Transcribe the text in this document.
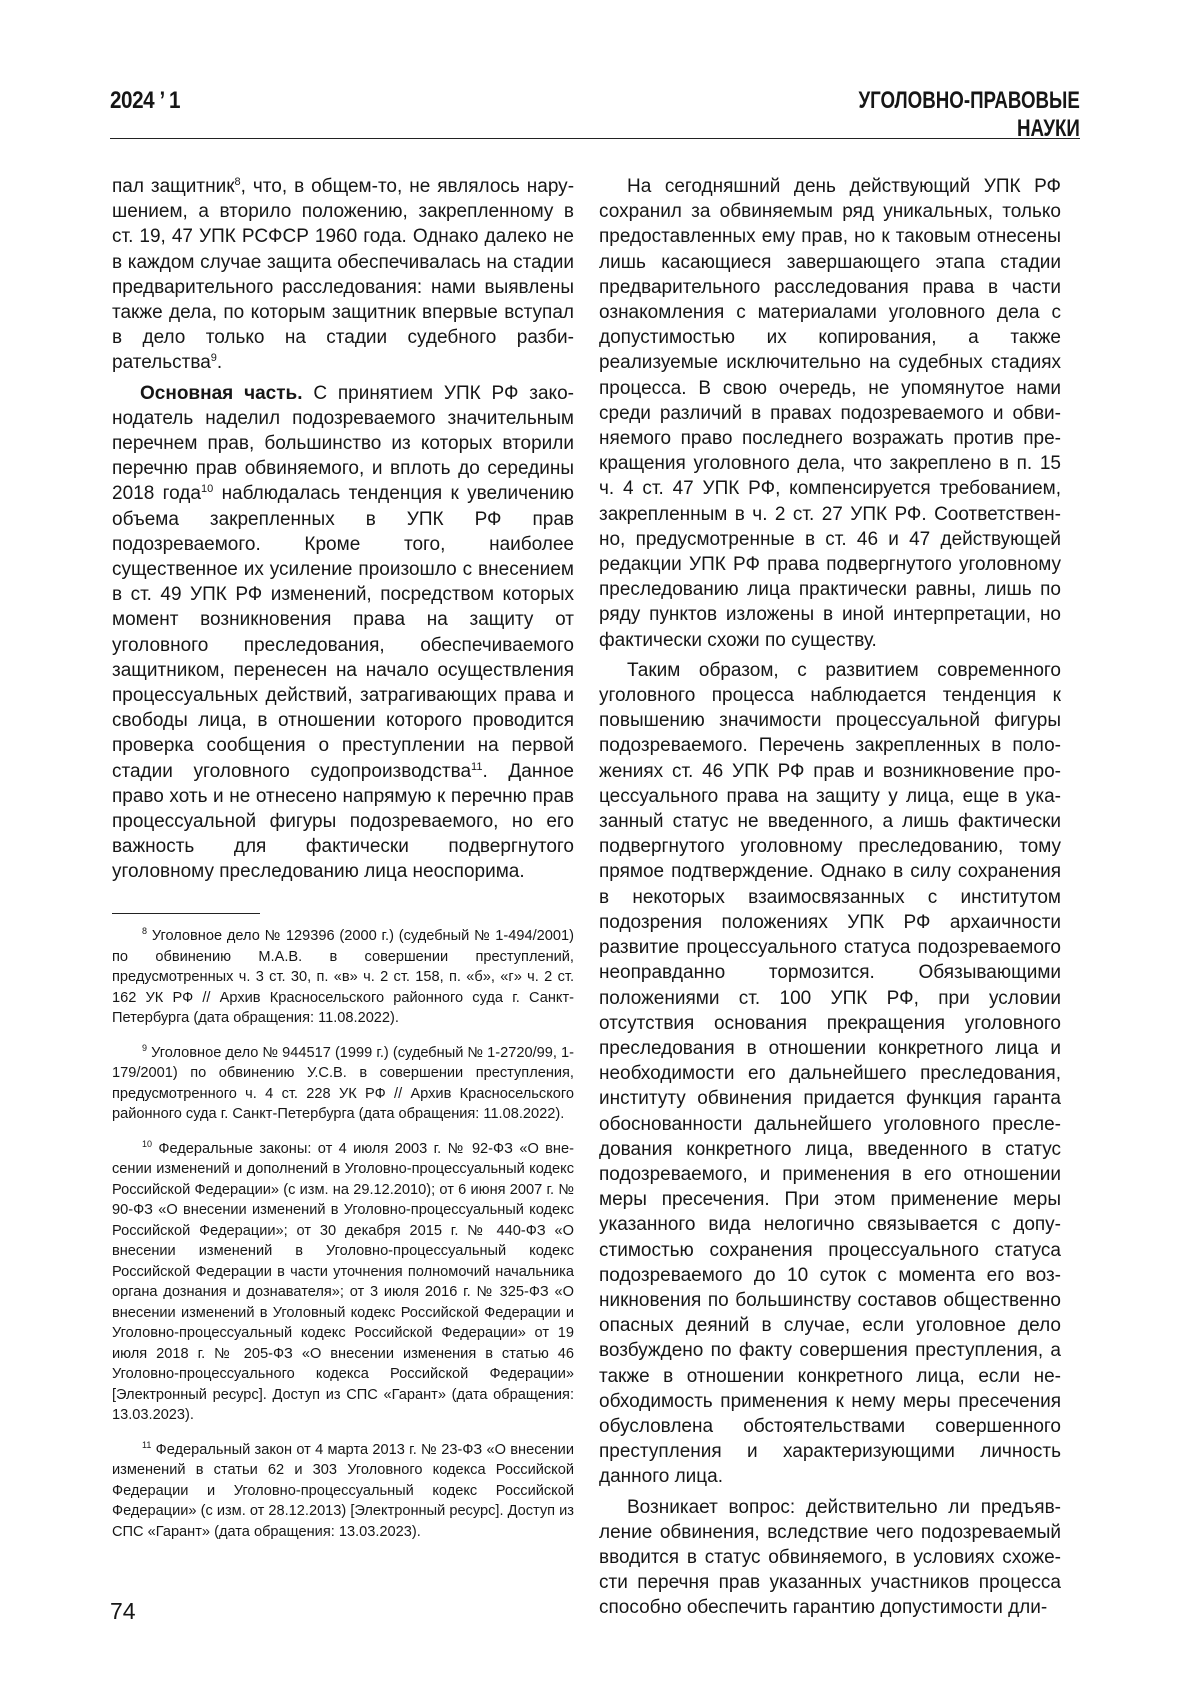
2024 ’ 1	УГОЛОВНО-ПРАВОВЫЕ
НАУКИ

пал защитник$^8$, что, в общем-то, не являлось нарушением, а вторило положению, закрепленному в ст. 19, 47 УПК РСФСР 1960 года. Однако далеко не в каждом случае защита обеспечивалась на стадии предварительного расследования: нами выявлены также дела, по которым защитник впервые вступал в дело только на стадии судебного разбирательства$^9$.

Основная часть. С принятием УПК РФ законодатель наделил подозреваемого значительным перечнем прав, большинство из которых вторили перечню прав обвиняемого, и вплоть до середины 2018 года$^{10}$ наблюдалась тенденция к увеличению объема закрепленных в УПК РФ прав подозреваемого. Кроме того, наиболее существенное их усиление произошло с внесением в ст. 49 УПК РФ изменений, посредством которых момент возникновения права на защиту от уголовного преследования, обеспечиваемого защитником, перенесен на начало осуществления процессуальных действий, затрагивающих права и свободы лица, в отношении которого проводится проверка сообщения о преступлении на первой стадии уголовного судопроизводства$^{11}$. Данное право хоть и не отнесено напрямую к перечню прав процессуальной фигуры подозреваемого, но его важность для фактически подвергнутого уголовному преследованию лица неоспорима.

$^8$ Уголовное дело № 129396 (2000 г.) (судебный № 1-494/2001) по обвинению М.А.В. в совершении преступлений, предусмотренных ч. 3 ст. 30, п. «в» ч. 2 ст. 158, п. «б», «г» ч. 2 ст. 162 УК РФ // Архив Красносельского районного суда г. Санкт-Петербурга (дата обращения: 11.08.2022).

$^9$ Уголовное дело № 944517 (1999 г.) (судебный № 1-2720/99, 1-179/2001) по обвинению У.С.В. в совершении преступления, предусмотренного ч. 4 ст. 228 УК РФ // Архив Красносельского районного суда г. Санкт-Петербурга (дата обращения: 11.08.2022).

$^{10}$ Федеральные законы: от 4 июля 2003 г. № 92-ФЗ «О внесении изменений и дополнений в Уголовно-процессуальный кодекс Российской Федерации» (с изм. на 29.12.2010); от 6 июня 2007 г. № 90-ФЗ «О внесении изменений в Уголовно-процессуальный кодекс Российской Федерации»; от 30 декабря 2015 г. № 440-ФЗ «О внесении изменений в Уголовно-процессуальный кодекс Российской Федерации в части уточнения полномочий начальника органа дознания и дознавателя»; от 3 июля 2016 г. № 325-ФЗ «О внесении изменений в Уголовный кодекс Российской Федерации и Уголовно-процессуальный кодекс Российской Федерации» от 19 июля 2018 г. № 205-ФЗ «О внесении изменения в статью 46 Уголовно-процессуального кодекса Российской Федерации» [Электронный ресурс]. Доступ из СПС «Гарант» (дата обращения: 13.03.2023).

$^{11}$ Федеральный закон от 4 марта 2013 г. № 23-ФЗ «О внесении изменений в статьи 62 и 303 Уголовного кодекса Российской Федерации и Уголовно-процессуальный кодекс Российской Федерации» (с изм. от 28.12.2013) [Электронный ресурс]. Доступ из СПС «Гарант» (дата обращения: 13.03.2023).

На сегодняшний день действующий УПК РФ сохранил за обвиняемым ряд уникальных, только предоставленных ему прав, но к таковым отнесены лишь касающиеся завершающего этапа стадии предварительного расследования права в части ознакомления с материалами уголовного дела с допустимостью их копирования, а также реализуемые исключительно на судебных стадиях процесса. В свою очередь, не упомянутое нами среди различий в правах подозреваемого и обвиняемого право последнего возражать против прекращения уголовного дела, что закреплено в п. 15 ч. 4 ст. 47 УПК РФ, компенсируется требованием, закрепленным в ч. 2 ст. 27 УПК РФ. Соответственно, предусмотренные в ст. 46 и 47 действующей редакции УПК РФ права подвергнутого уголовному преследованию лица практически равны, лишь по ряду пунктов изложены в иной интерпретации, но фактически схожи по существу.

Таким образом, с развитием современного уголовного процесса наблюдается тенденция к повышению значимости процессуальной фигуры подозреваемого. Перечень закрепленных в положениях ст. 46 УПК РФ прав и возникновение процессуального права на защиту у лица, еще в указанный статус не введенного, а лишь фактически подвергнутого уголовному преследованию, тому прямое подтверждение. Однако в силу сохранения в некоторых взаимосвязанных с институтом подозрения положениях УПК РФ архаичности развитие процессуального статуса подозреваемого неоправданно тормозится. Обязывающими положениями ст. 100 УПК РФ, при условии отсутствия основания прекращения уголовного преследования в отношении конкретного лица и необходимости его дальнейшего преследования, институту обвинения придается функция гаранта обоснованности дальнейшего уголовного преследования конкретного лица, введенного в статус подозреваемого, и применения в его отношении меры пресечения. При этом применение меры указанного вида нелогично связывается с допустимостью сохранения процессуального статуса подозреваемого до 10 суток с момента его возникновения по большинству составов общественно опасных деяний в случае, если уголовное дело возбуждено по факту совершения преступления, а также в отношении конкретного лица, если необходимость применения к нему меры пресечения обусловлена обстоятельствами совершенного преступления и характеризующими личность данного лица.

Возникает вопрос: действительно ли предъявление обвинения, вследствие чего подозреваемый вводится в статус обвиняемого, в условиях схожести перечня прав указанных участников процесса способно обеспечить гарантию допустимости дли-

74
